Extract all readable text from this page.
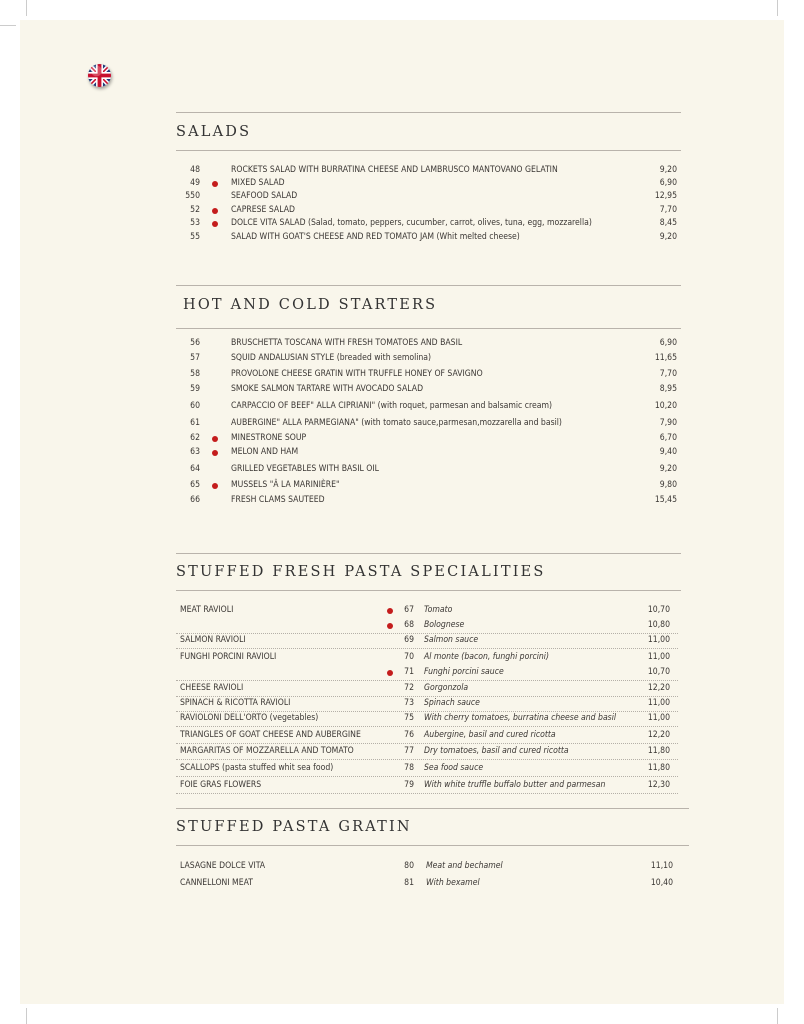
SALADS
48	ROCKETS SALAD WITH BURRATINA CHEESE AND LAMBRUSCO MANTOVANO GELATIN	9,20
49	MIXED SALAD	6,90
550	SEAFOOD SALAD	12,95
52	CAPRESE SALAD	7,70
53	DOLCE VITA SALAD (Salad, tomato, peppers, cucumber, carrot, olives, tuna, egg, mozzarella)	8,45
55	SALAD WITH GOAT'S CHEESE AND RED TOMATO JAM (Whit melted cheese)	9,20
HOT AND COLD STARTERS
56	BRUSCHETTA TOSCANA WITH FRESH TOMATOES AND BASIL	6,90
57	SQUID ANDALUSIAN STYLE (breaded with semolina)	11,65
58	PROVOLONE CHEESE GRATIN WITH TRUFFLE HONEY OF SAVIGNO	7,70
59	SMOKE SALMON TARTARE WITH AVOCADO SALAD	8,95
60	CARPACCIO OF BEEF" ALLA CIPRIANI" (with roquet, parmesan and balsamic cream)	10,20
61	AUBERGINE" ALLA PARMEGIANA" (with tomato sauce,parmesan,mozzarella and basil)	7,90
62	MINESTRONE SOUP	6,70
63	MELON AND HAM	9,40
64	GRILLED VEGETABLES WITH BASIL OIL	9,20
65	MUSSELS "Â LA MARINIÈRE"	9,80
66	FRESH CLAMS SAUTEED	15,45
STUFFED FRESH PASTA SPECIALITIES
MEAT RAVIOLI	67 Tomato	10,70
68 Bolognese	10,80
SALMON RAVIOLI	69 Salmon sauce	11,00
FUNGHI PORCINI RAVIOLI	70 Al monte (bacon, funghi porcini)	11,00
71 Funghi porcini sauce	10,70
CHEESE RAVIOLI	72 Gorgonzola	12,20
SPINACH & RICOTTA RAVIOLI	73 Spinach sauce	11,00
RAVIOLONI DELL'ORTO (vegetables)	75 With cherry tomatoes, burratina cheese and basil	11,00
TRIANGLES OF GOAT CHEESE AND AUBERGINE	76 Aubergine, basil and cured ricotta	12,20
MARGARITAS OF MOZZARELLA AND TOMATO	77 Dry tomatoes, basil and cured ricotta	11,80
SCALLOPS (pasta stuffed whit sea food)	78 Sea food sauce	11,80
FOIE GRAS FLOWERS	79 With white truffle buffalo butter and parmesan	12,30
STUFFED PASTA GRATIN
LASAGNE DOLCE VITA	80 Meat and bechamel	11,10
CANNELLONI MEAT	81 With bexamel	10,40
